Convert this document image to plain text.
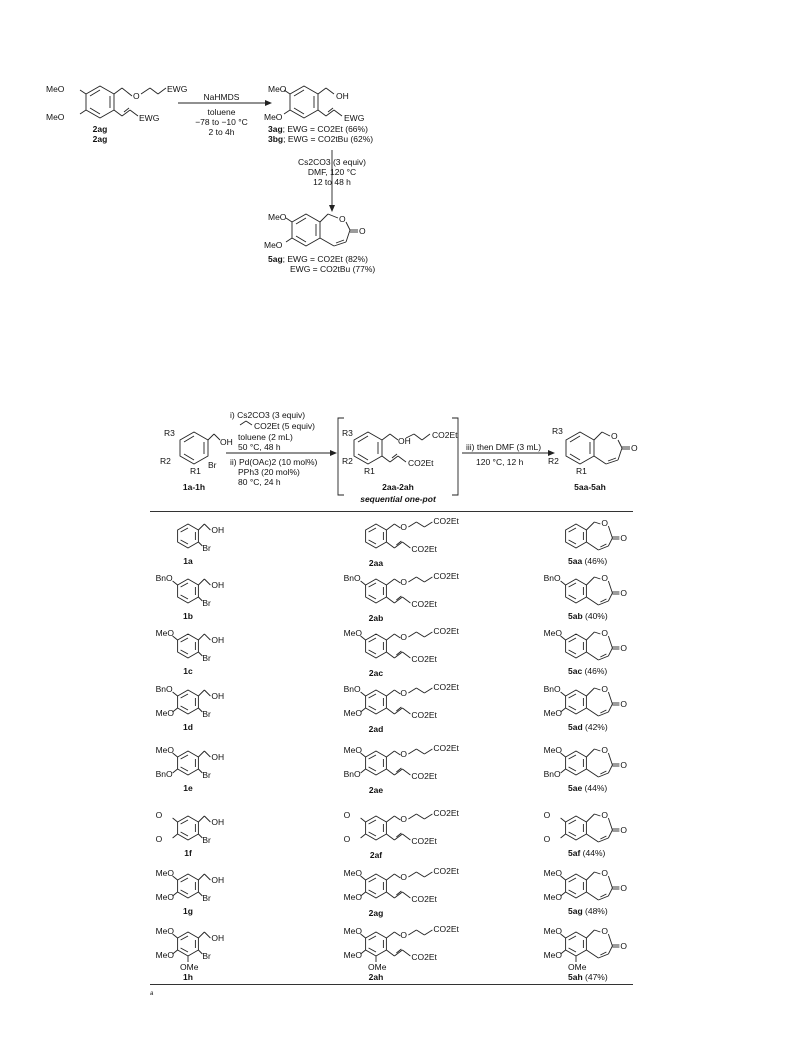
MeO
MeO
O
EWG
EWG
2ag
2ag
NaHMDS
toluene
−78 to −10 °C
2 to 4h
MeO
MeO
OH
EWG
3ag; EWG = CO2Et (66%)
3bg; EWG = CO2tBu (62%)
Cs2CO3 (3 equiv)
DMF, 120 °C
12 to 48 h
MeO
MeO
O
O
5ag; EWG = CO2Et (82%)
EWG = CO2tBu (77%)
R3
R2
R1
OH
Br
1a-1h
i) Cs2CO3 (3 equiv)
CO2Et (5 equiv)
toluene (2 mL)
50 °C, 48 h
ii) Pd(OAc)2 (10 mol%)
PPh3 (20 mol%)
80 °C, 24 h
R3
R2
R1
OH
CO2Et
CO2Et
2aa-2ah
sequential one-pot
iii) then DMF (3 mL)
120 °C, 12 h
R3
R2
R1
O
O
5aa-5ah
OH
Br
1a
O
CO2Et
CO2Et
2aa
O
O
5aa (46%)
OH
Br
BnO
1b
O
CO2Et
CO2Et
BnO
2ab
O
O
BnO
5ab (40%)
OH
Br
MeO
1c
O
CO2Et
CO2Et
MeO
2ac
O
O
MeO
5ac (46%)
OH
Br
BnO
MeO
1d
O
CO2Et
CO2Et
BnO
MeO
2ad
O
O
BnO
MeO
5ad (42%)
OH
Br
MeO
BnO
1e
O
CO2Et
CO2Et
MeO
BnO
2ae
O
O
MeO
BnO
5ae (44%)
OH
Br
O
O
1f
O
CO2Et
CO2Et
O
O
2af
O
O
O
O
5af (44%)
OH
Br
MeO
MeO
1g
O
CO2Et
CO2Et
MeO
MeO
2ag
O
O
MeO
MeO
5ag (48%)
OH
Br
MeO
MeO
OMe
1h
O
CO2Et
CO2Et
MeO
MeO
OMe
2ah
O
O
MeO
MeO
OMe
5ah (47%)
a
